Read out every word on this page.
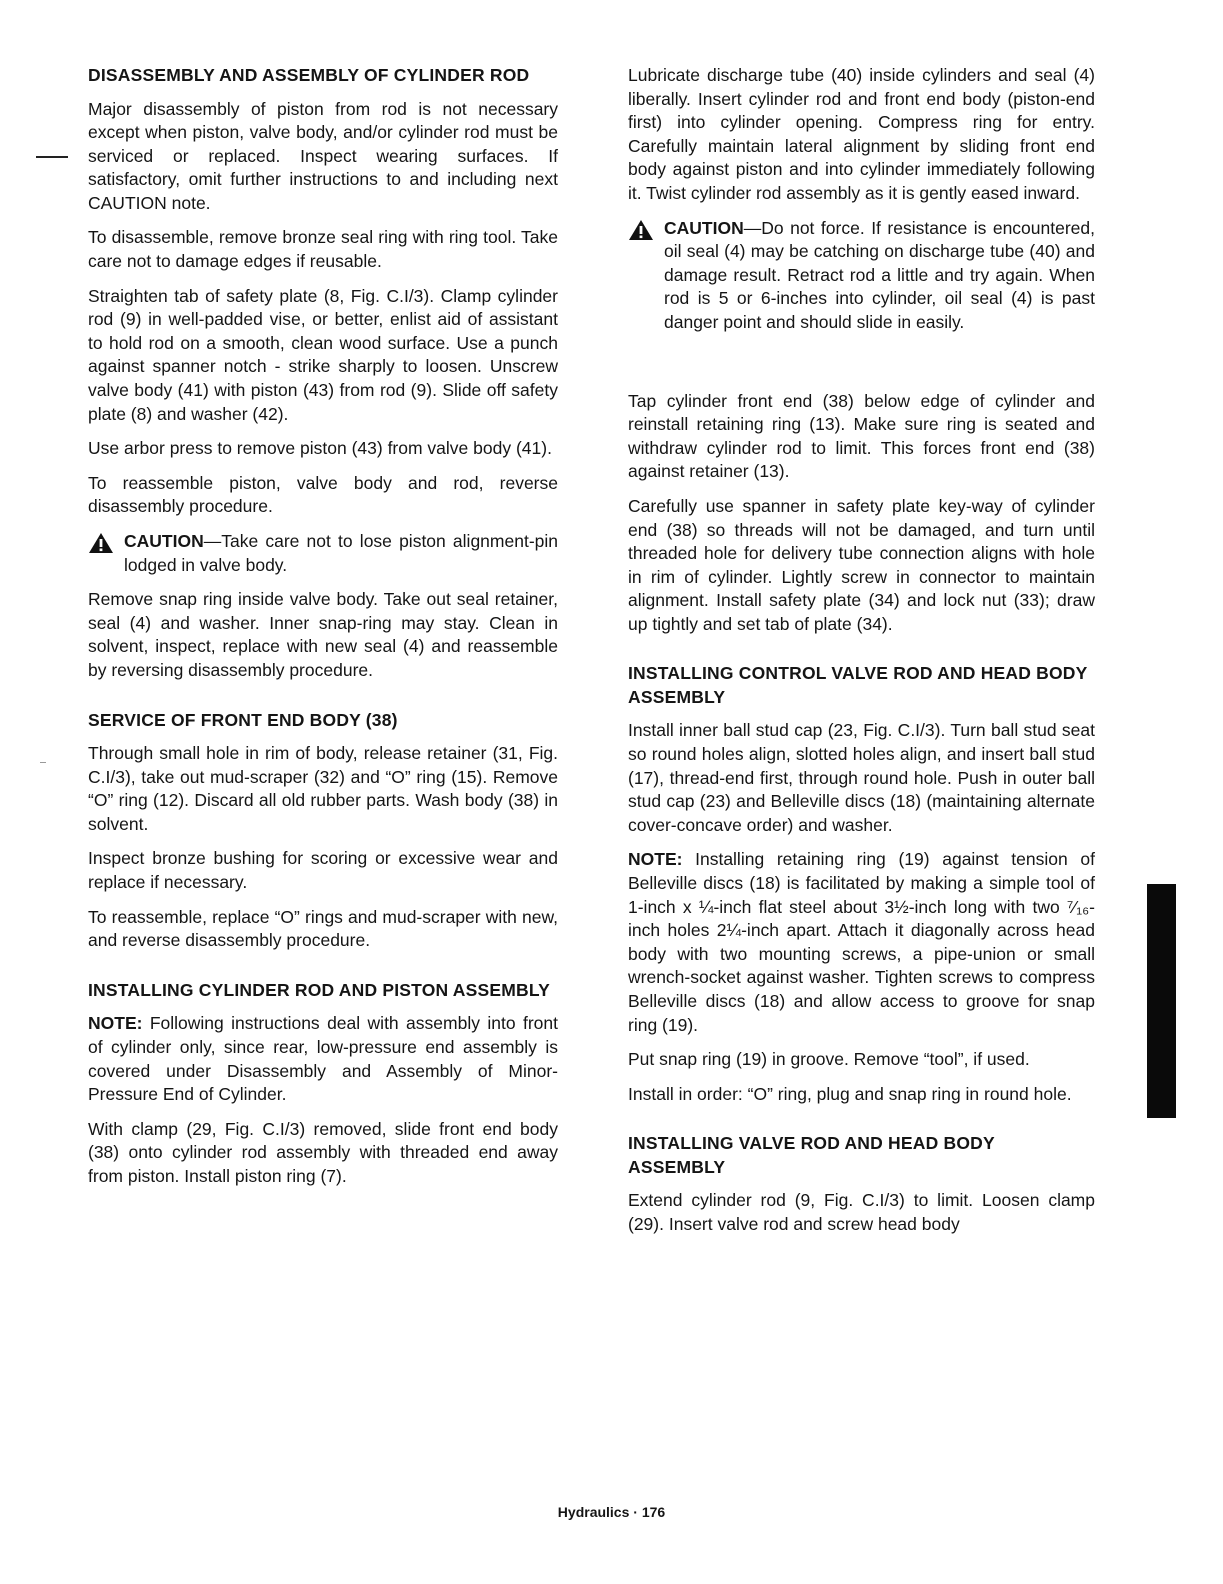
DISASSEMBLY AND ASSEMBLY OF CYLINDER ROD

Major disassembly of piston from rod is not necessary except when piston, valve body, and/or cylinder rod must be serviced or replaced. Inspect wearing surfaces. If satisfactory, omit further instructions to and including next CAUTION note.

To disassemble, remove bronze seal ring with ring tool. Take care not to damage edges if reusable.

Straighten tab of safety plate (8, Fig. C.I/3). Clamp cylinder rod (9) in well-padded vise, or better, enlist aid of assistant to hold rod on a smooth, clean wood surface. Use a punch against spanner notch - strike sharply to loosen. Unscrew valve body (41) with piston (43) from rod (9). Slide off safety plate (8) and washer (42).

Use arbor press to remove piston (43) from valve body (41).

To reassemble piston, valve body and rod, reverse disassembly procedure.

CAUTION—Take care not to lose piston alignment-pin lodged in valve body.

Remove snap ring inside valve body. Take out seal retainer, seal (4) and washer. Inner snap-ring may stay. Clean in solvent, inspect, replace with new seal (4) and reassemble by reversing disassembly procedure.

SERVICE OF FRONT END BODY (38)

Through small hole in rim of body, release retainer (31, Fig. C.I/3), take out mud-scraper (32) and “O” ring (15). Remove “O” ring (12). Discard all old rubber parts. Wash body (38) in solvent.

Inspect bronze bushing for scoring or excessive wear and replace if necessary.

To reassemble, replace “O” rings and mud-scraper with new, and reverse disassembly procedure.

INSTALLING CYLINDER ROD AND PISTON ASSEMBLY

NOTE: Following instructions deal with assembly into front of cylinder only, since rear, low-pressure end assembly is covered under Disassembly and Assembly of Minor-Pressure End of Cylinder.

With clamp (29, Fig. C.I/3) removed, slide front end body (38) onto cylinder rod assembly with threaded end away from piston. Install piston ring (7).

Lubricate discharge tube (40) inside cylinders and seal (4) liberally. Insert cylinder rod and front end body (piston-end first) into cylinder opening. Compress ring for entry. Carefully maintain lateral alignment by sliding front end body against piston and into cylinder immediately following it. Twist cylinder rod assembly as it is gently eased inward.

CAUTION—Do not force. If resistance is encountered, oil seal (4) may be catching on discharge tube (40) and damage result. Retract rod a little and try again. When rod is 5 or 6-inches into cylinder, oil seal (4) is past danger point and should slide in easily.

Tap cylinder front end (38) below edge of cylinder and reinstall retaining ring (13). Make sure ring is seated and withdraw cylinder rod to limit. This forces front end (38) against retainer (13).

Carefully use spanner in safety plate key-way of cylinder end (38) so threads will not be damaged, and turn until threaded hole for delivery tube connection aligns with hole in rim of cylinder. Lightly screw in connector to maintain alignment. Install safety plate (34) and lock nut (33); draw up tightly and set tab of plate (34).

INSTALLING CONTROL VALVE ROD AND HEAD BODY ASSEMBLY

Install inner ball stud cap (23, Fig. C.I/3). Turn ball stud seat so round holes align, slotted holes align, and insert ball stud (17), thread-end first, through round hole. Push in outer ball stud cap (23) and Belleville discs (18) (maintaining alternate cover-concave order) and washer.

NOTE: Installing retaining ring (19) against tension of Belleville discs (18) is facilitated by making a simple tool of 1-inch x ¼-inch flat steel about 3½-inch long with two ⁷⁄₁₆-inch holes 2¼-inch apart. Attach it diagonally across head body with two mounting screws, a pipe-union or small wrench-socket against washer. Tighten screws to compress Belleville discs (18) and allow access to groove for snap ring (19).

Put snap ring (19) in groove. Remove “tool”, if used.

Install in order: “O” ring, plug and snap ring in round hole.

INSTALLING VALVE ROD AND HEAD BODY ASSEMBLY

Extend cylinder rod (9, Fig. C.I/3) to limit. Loosen clamp (29). Insert valve rod and screw head body

Hydraulics · 176
